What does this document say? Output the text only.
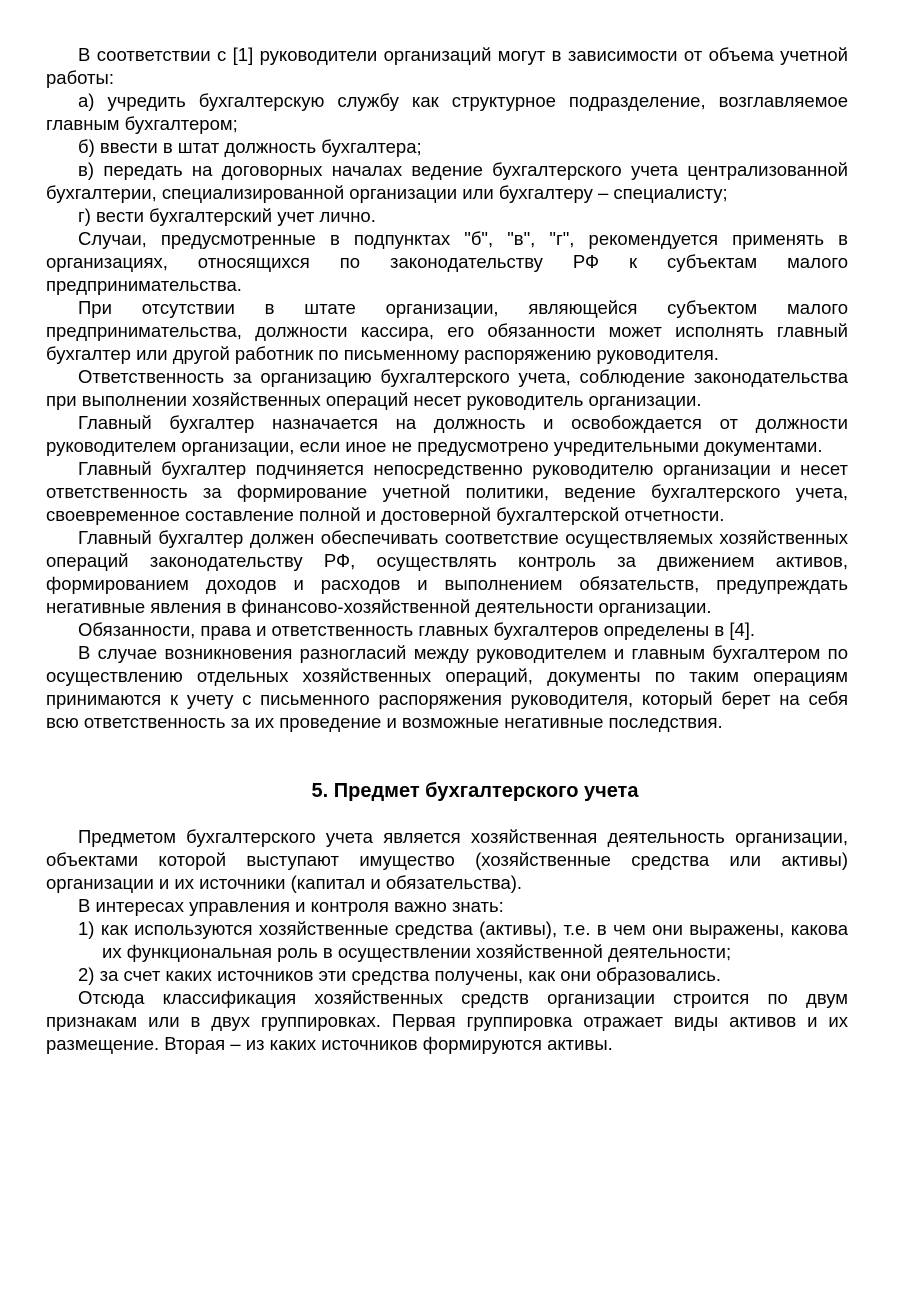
В соответствии с [1] руководители организаций могут в зависимости от объема учетной работы:

а) учредить бухгалтерскую службу как структурное подразделение, возглавляемое главным бухгалтером;

б) ввести в штат должность бухгалтера;

в) передать на договорных началах ведение бухгалтерского учета централизованной бухгалтерии, специализированной организации или бухгалтеру – специалисту;

г) вести бухгалтерский учет лично.

Случаи, предусмотренные в подпунктах "б", "в", "г", рекомендуется применять в организациях, относящихся по законодательству РФ к субъектам малого предпринимательства.

При отсутствии в штате организации, являющейся субъектом малого предпринимательства, должности кассира, его обязанности может исполнять главный бухгалтер или другой работник по письменному распоряжению руководителя.

Ответственность за организацию бухгалтерского учета, соблюдение законодательства при выполнении хозяйственных операций несет руководитель организации.

Главный бухгалтер назначается на должность и освобождается от должности руководителем организации, если иное не предусмотрено учредительными документами.

Главный бухгалтер подчиняется непосредственно руководителю организации и несет ответственность за формирование учетной политики, ведение бухгалтерского учета, своевременное составление полной и достоверной бухгалтерской отчетности.

Главный бухгалтер должен обеспечивать соответствие осуществляемых хозяйственных операций законодательству РФ, осуществлять контроль за движением активов, формированием доходов и расходов и выполнением обязательств, предупреждать негативные явления в финансово-хозяйственной деятельности организации.

Обязанности, права и ответственность главных бухгалтеров определены в [4].

В случае возникновения разногласий между руководителем и главным бухгалтером по осуществлению отдельных хозяйственных операций, документы по таким операциям принимаются к учету с письменного распоряжения руководителя, который берет на себя всю ответственность за их проведение и возможные негативные последствия.

5. Предмет бухгалтерского учета

Предметом бухгалтерского учета является хозяйственная деятельность организации, объектами которой выступают имущество (хозяйственные средства или активы) организации и их источники (капитал и обязательства).

В интересах управления и контроля важно знать:

1) как используются хозяйственные средства (активы), т.е. в чем они выражены, какова их функциональная роль в осуществлении хозяйственной деятельности;

2) за счет каких источников эти средства получены, как они образовались.

Отсюда классификация хозяйственных средств организации строится по двум признакам или в двух группировках. Первая группировка отражает виды активов и их размещение. Вторая – из каких источников формируются активы.
